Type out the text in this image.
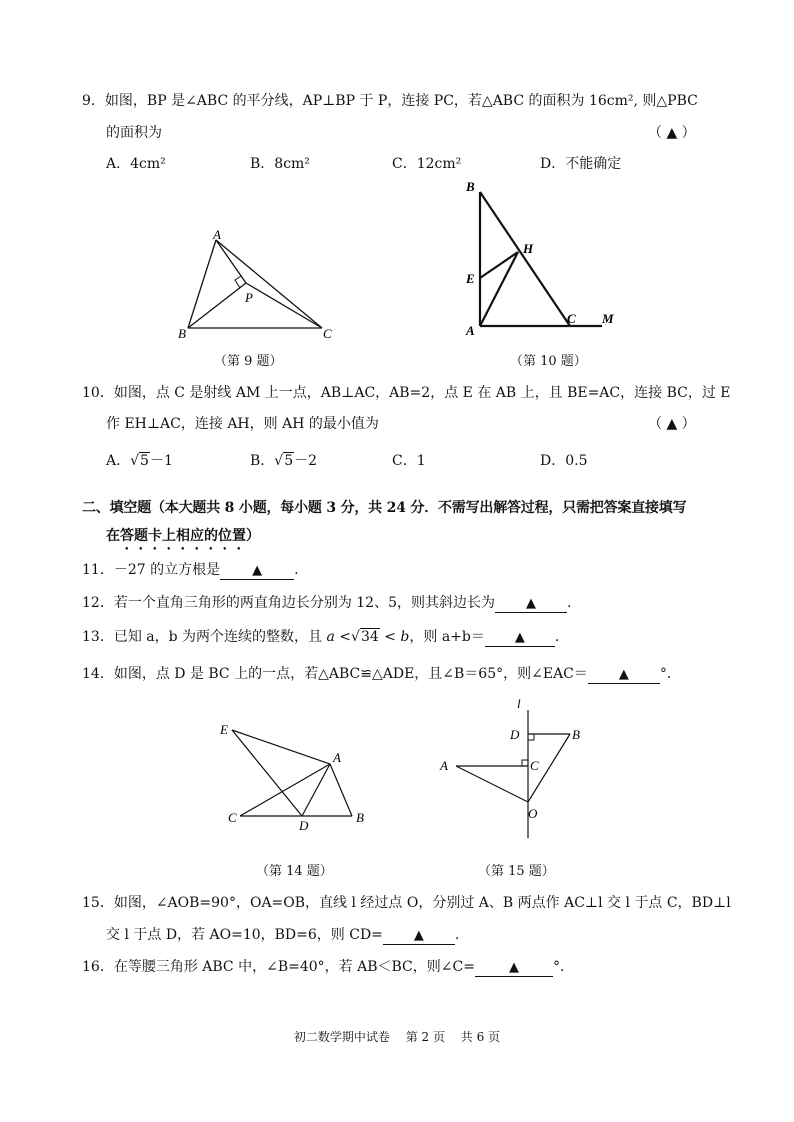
9．如图，BP 是∠ABC 的平分线，AP⊥BP 于 P，连接 PC，若△ABC 的面积为 16cm², 则△PBC
的面积为	（ ▲ ）
A．4cm²	B．8cm²	C．12cm²	D．不能确定
A
B	C
P
（第 9 题）
B
E
A
H
C M
（第 10 题）
10．如图，点 C 是射线 AM 上一点，AB⊥AC，AB=2，点 E 在 AB 上，且 BE=AC，连接 BC，过 E
作 EH⊥AC，连接 AH，则 AH 的最小值为	（ ▲ ）
A．√5－1	B．√5－2	C．1	D．0.5
二、填空题（本大题共 8 小题，每小题 3 分，共 24 分．不需写出解答过程，只需把答案直接填写
在答题卡上相应的位置）
11．－27 的立方根是 ▲ .
12．若一个直角三角形的两直角边长分别为 12、5，则其斜边长为 ▲ .
13．已知 a，b 为两个连续的整数，且 a <√34 < b，则 a+b＝ ▲ .
14．如图，点 D 是 BC 上的一点，若△ABC≌△ADE，且∠B＝65°，则∠EAC＝ ▲ °．
E
A
C
D
B
（第 14 题）
l
D	B
A	C
O
（第 15 题）
15．如图，∠AOB=90°，OA=OB，直线 l 经过点 O，分别过 A、B 两点作 AC⊥l 交 l 于点 C，BD⊥l
交 l 于点 D，若 AO=10，BD=6，则 CD= ▲ .
16．在等腰三角形 ABC 中，∠B=40°，若 AB＜BC，则∠C=	▲ °．
初二数学期中试卷　 第 2 页　 共 6 页
